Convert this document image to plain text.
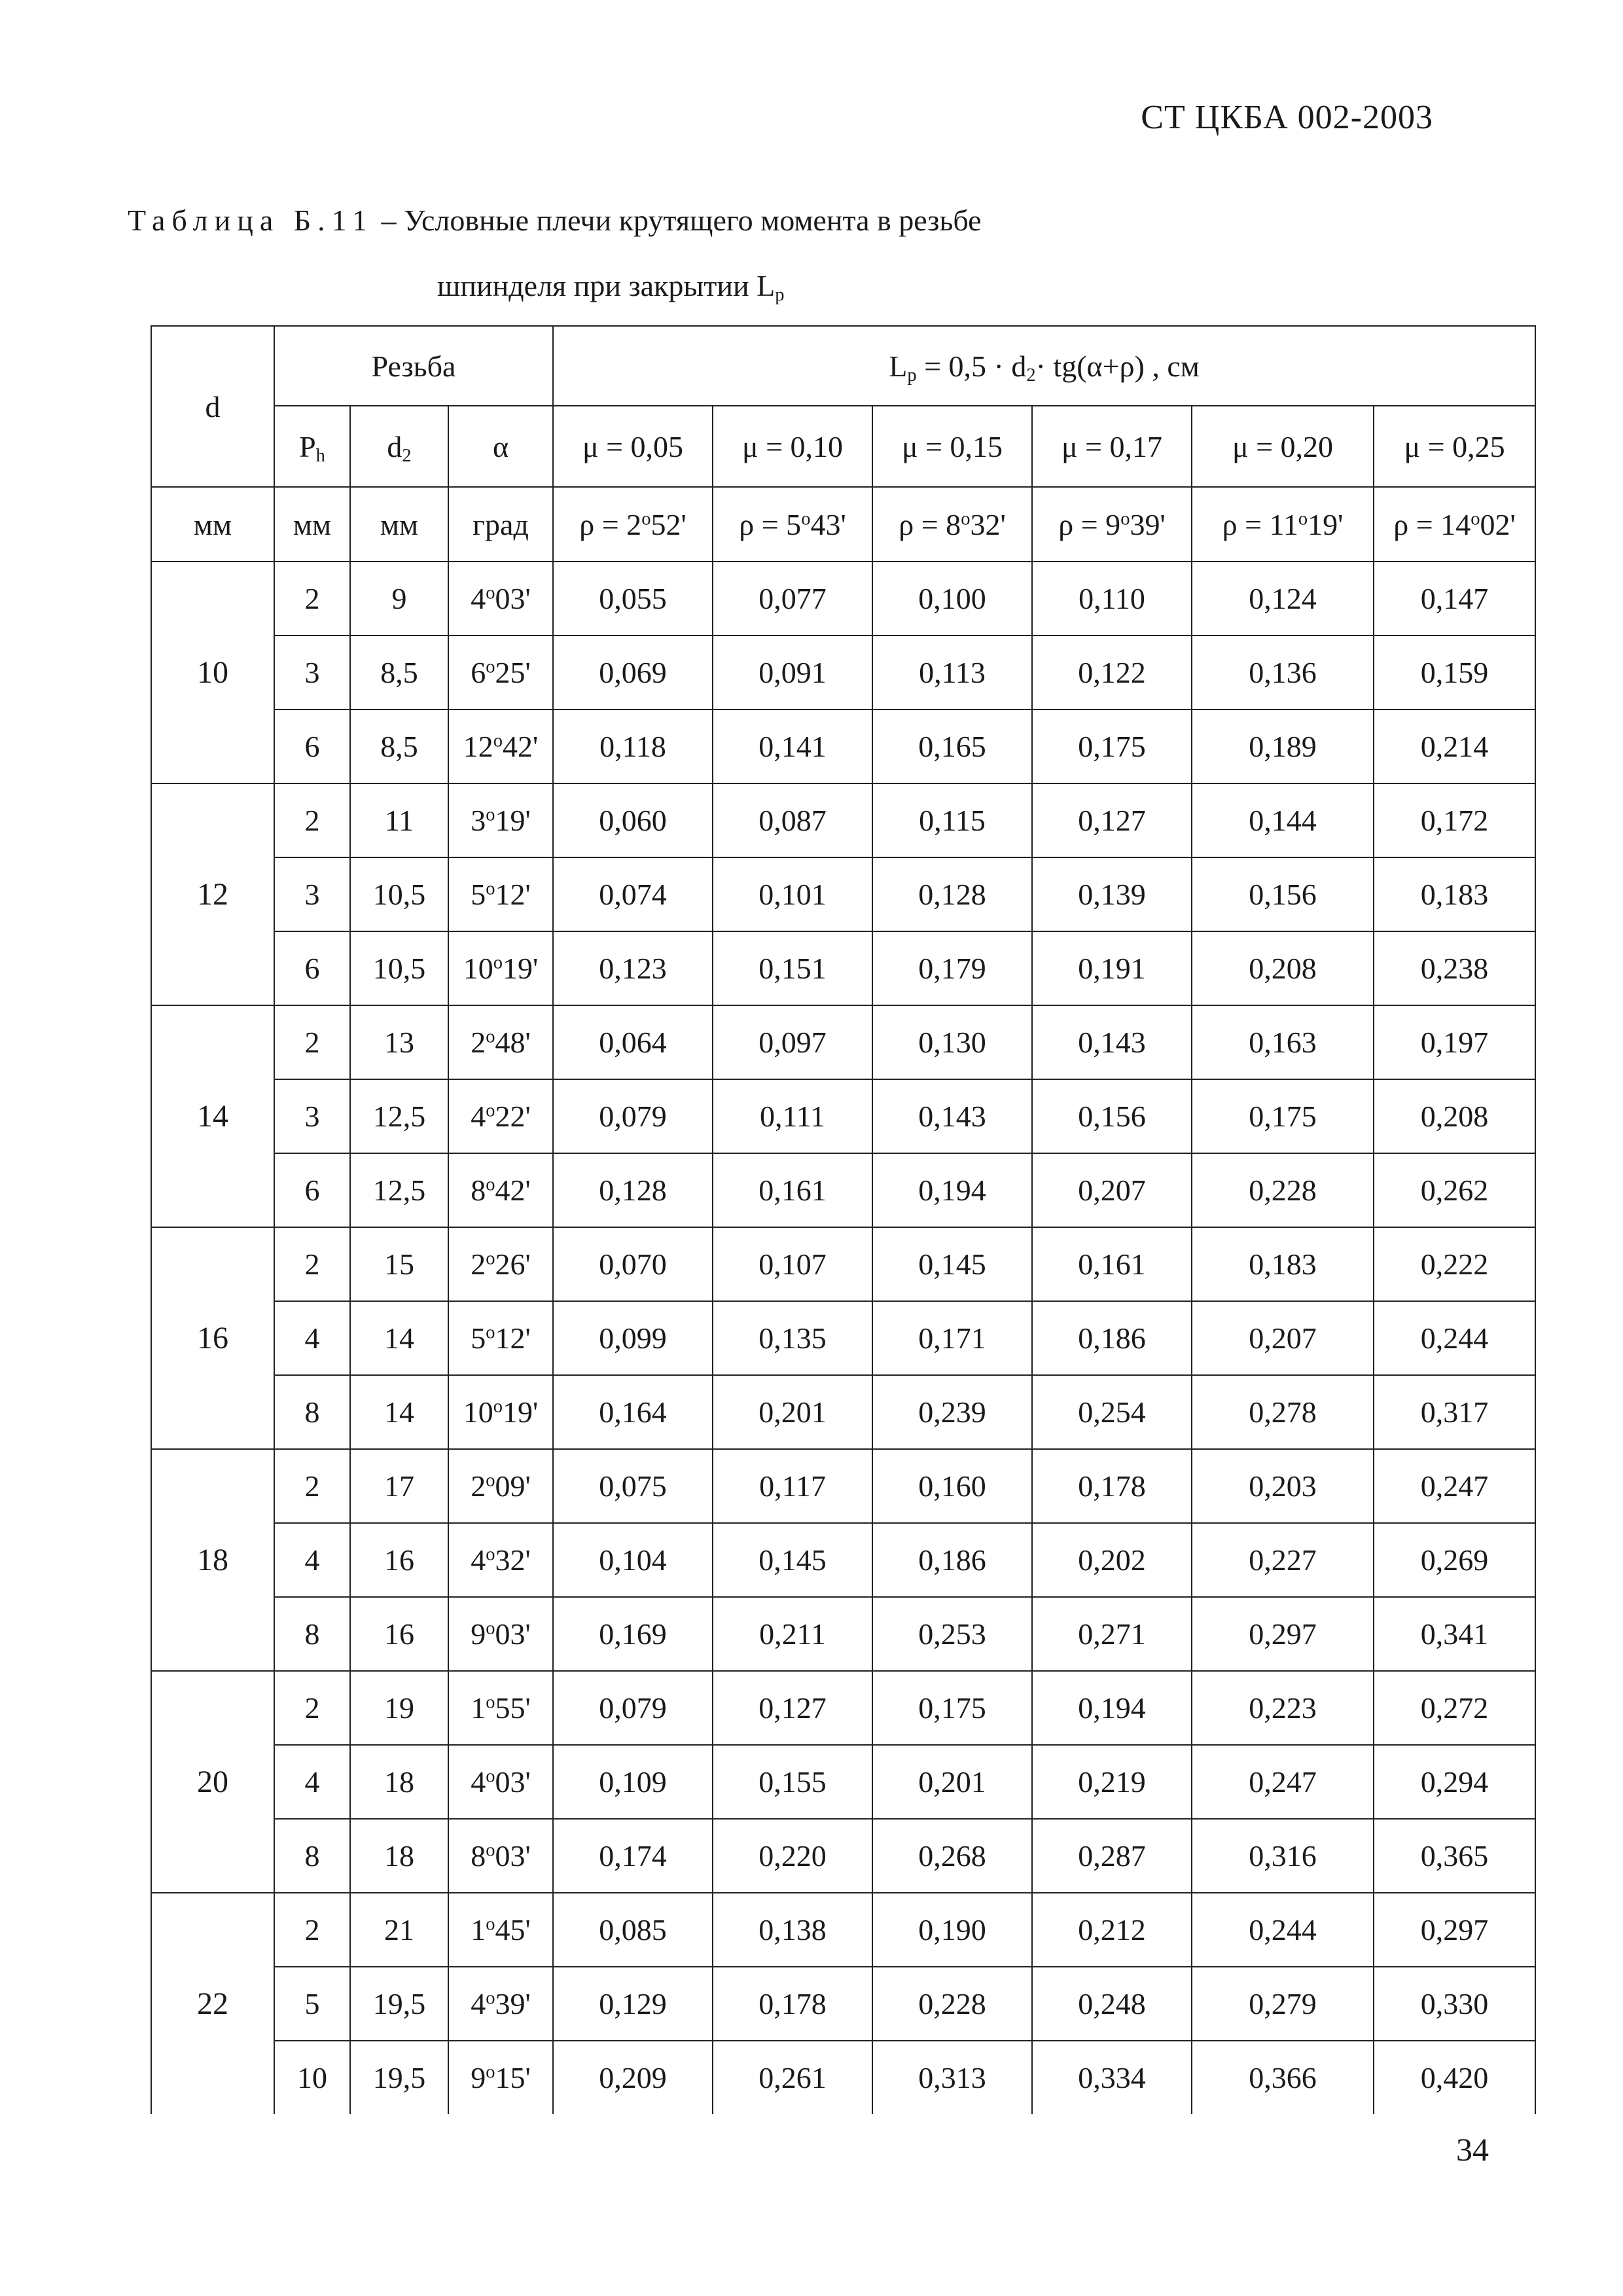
СТ ЦКБА 002-2003
Таблица Б.11 – Условные плечи крутящего момента в резьбе
шпинделя при закрытии $L_р$
d	Резьба			$L_р = 0,5 \cdot d_2\cdot tg(\alpha+\rho)$ , см					
	$P_h$	$d_2$	α	μ = 0,05	μ = 0,10	μ = 0,15	μ = 0,17	μ = 0,20	μ = 0,25
мм	мм	мм	град	$\rho = 2^o52'$	$\rho = 5^o43'$	$\rho = 8^o32'$	$\rho = 9^o39'$	$\rho = 11^o19'$	$\rho = 14^o02'$
10	2	9	4$^o$03'	0,055	0,077	0,100	0,110	0,124	0,147
	3	8,5	6$^o$25'	0,069	0,091	0,113	0,122	0,136	0,159
	6	8,5	12$^o$42'	0,118	0,141	0,165	0,175	0,189	0,214
12	2	11	3$^o$19'	0,060	0,087	0,115	0,127	0,144	0,172
	3	10,5	5$^o$12'	0,074	0,101	0,128	0,139	0,156	0,183
	6	10,5	10$^o$19'	0,123	0,151	0,179	0,191	0,208	0,238
14	2	13	2$^o$48'	0,064	0,097	0,130	0,143	0,163	0,197
	3	12,5	4$^o$22'	0,079	0,111	0,143	0,156	0,175	0,208
	6	12,5	8$^o$42'	0,128	0,161	0,194	0,207	0,228	0,262
16	2	15	2$^o$26'	0,070	0,107	0,145	0,161	0,183	0,222
	4	14	5$^o$12'	0,099	0,135	0,171	0,186	0,207	0,244
	8	14	10$^o$19'	0,164	0,201	0,239	0,254	0,278	0,317
18	2	17	2$^o$09'	0,075	0,117	0,160	0,178	0,203	0,247
	4	16	4$^o$32'	0,104	0,145	0,186	0,202	0,227	0,269
	8	16	9$^o$03'	0,169	0,211	0,253	0,271	0,297	0,341
20	2	19	1$^o$55'	0,079	0,127	0,175	0,194	0,223	0,272
	4	18	4$^o$03'	0,109	0,155	0,201	0,219	0,247	0,294
	8	18	8$^o$03'	0,174	0,220	0,268	0,287	0,316	0,365
22	2	21	1$^o$45'	0,085	0,138	0,190	0,212	0,244	0,297
	5	19,5	4$^o$39'	0,129	0,178	0,228	0,248	0,279	0,330
	10	19,5	9$^o$15'	0,209	0,261	0,313	0,334	0,366	0,420
34
